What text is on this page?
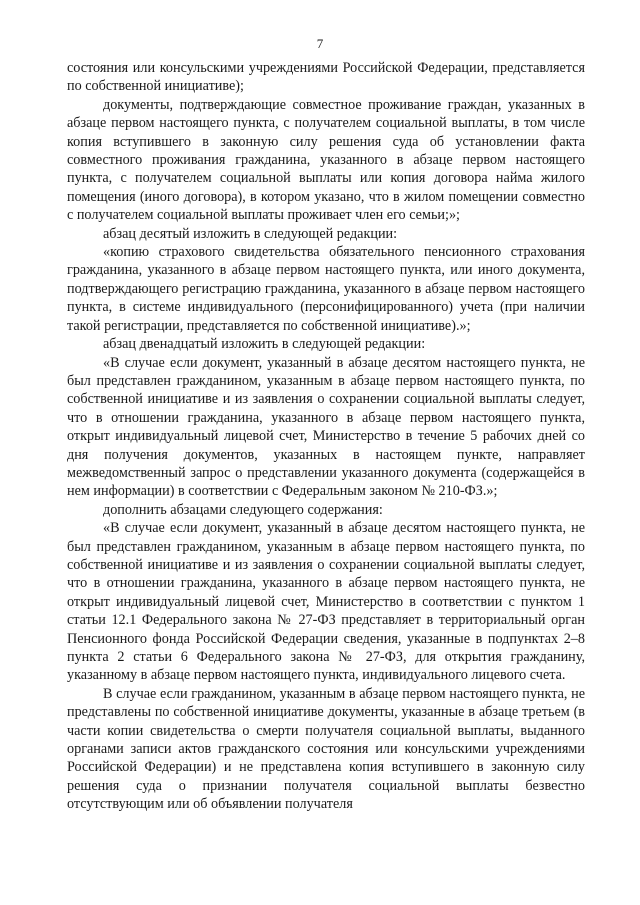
7

состояния или консульскими учреждениями Российской Федерации, представляется по собственной инициативе);

документы, подтверждающие совместное проживание граждан, указанных в абзаце первом настоящего пункта, с получателем социальной выплаты, в том числе копия вступившего в законную силу решения суда об установлении факта совместного проживания гражданина, указанного в абзаце первом настоящего пункта, с получателем социальной выплаты или копия договора найма жилого помещения (иного договора), в котором указано, что в жилом помещении совместно с получателем социальной выплаты проживает член его семьи;»;

абзац десятый изложить в следующей редакции:

«копию страхового свидетельства обязательного пенсионного страхования гражданина, указанного в абзаце первом настоящего пункта, или иного документа, подтверждающего регистрацию гражданина, указанного в абзаце первом настоящего пункта, в системе индивидуального (персонифицированного) учета (при наличии такой регистрации, представляется по собственной инициативе).»;

абзац двенадцатый изложить в следующей редакции:

«В случае если документ, указанный в абзаце десятом настоящего пункта, не был представлен гражданином, указанным в абзаце первом настоящего пункта, по собственной инициативе и из заявления о сохранении социальной выплаты следует, что в отношении гражданина, указанного в абзаце первом настоящего пункта, открыт индивидуальный лицевой счет, Министерство в течение 5 рабочих дней со дня получения документов, указанных в настоящем пункте, направляет межведомственный запрос о представлении указанного документа (содержащейся в нем информации) в соответствии с Федеральным законом № 210-ФЗ.»;

дополнить абзацами следующего содержания:

«В случае если документ, указанный в абзаце десятом настоящего пункта, не был представлен гражданином, указанным в абзаце первом настоящего пункта, по собственной инициативе и из заявления о сохранении социальной выплаты следует, что в отношении гражданина, указанного в абзаце первом настоящего пункта, не открыт индивидуальный лицевой счет, Министерство в соответствии с пунктом 1 статьи 12.1 Федерального закона № 27-ФЗ представляет в территориальный орган Пенсионного фонда Российской Федерации сведения, указанные в подпунктах 2–8 пункта 2 статьи 6 Федерального закона № 27-ФЗ, для открытия гражданину, указанному в абзаце первом настоящего пункта, индивидуального лицевого счета.

В случае если гражданином, указанным в абзаце первом настоящего пункта, не представлены по собственной инициативе документы, указанные в абзаце третьем (в части копии свидетельства о смерти получателя социальной выплаты, выданного органами записи актов гражданского состояния или консульскими учреждениями Российской Федерации) и не представлена копия вступившего в законную силу решения суда о признании получателя социальной выплаты безвестно отсутствующим или об объявлении получателя
